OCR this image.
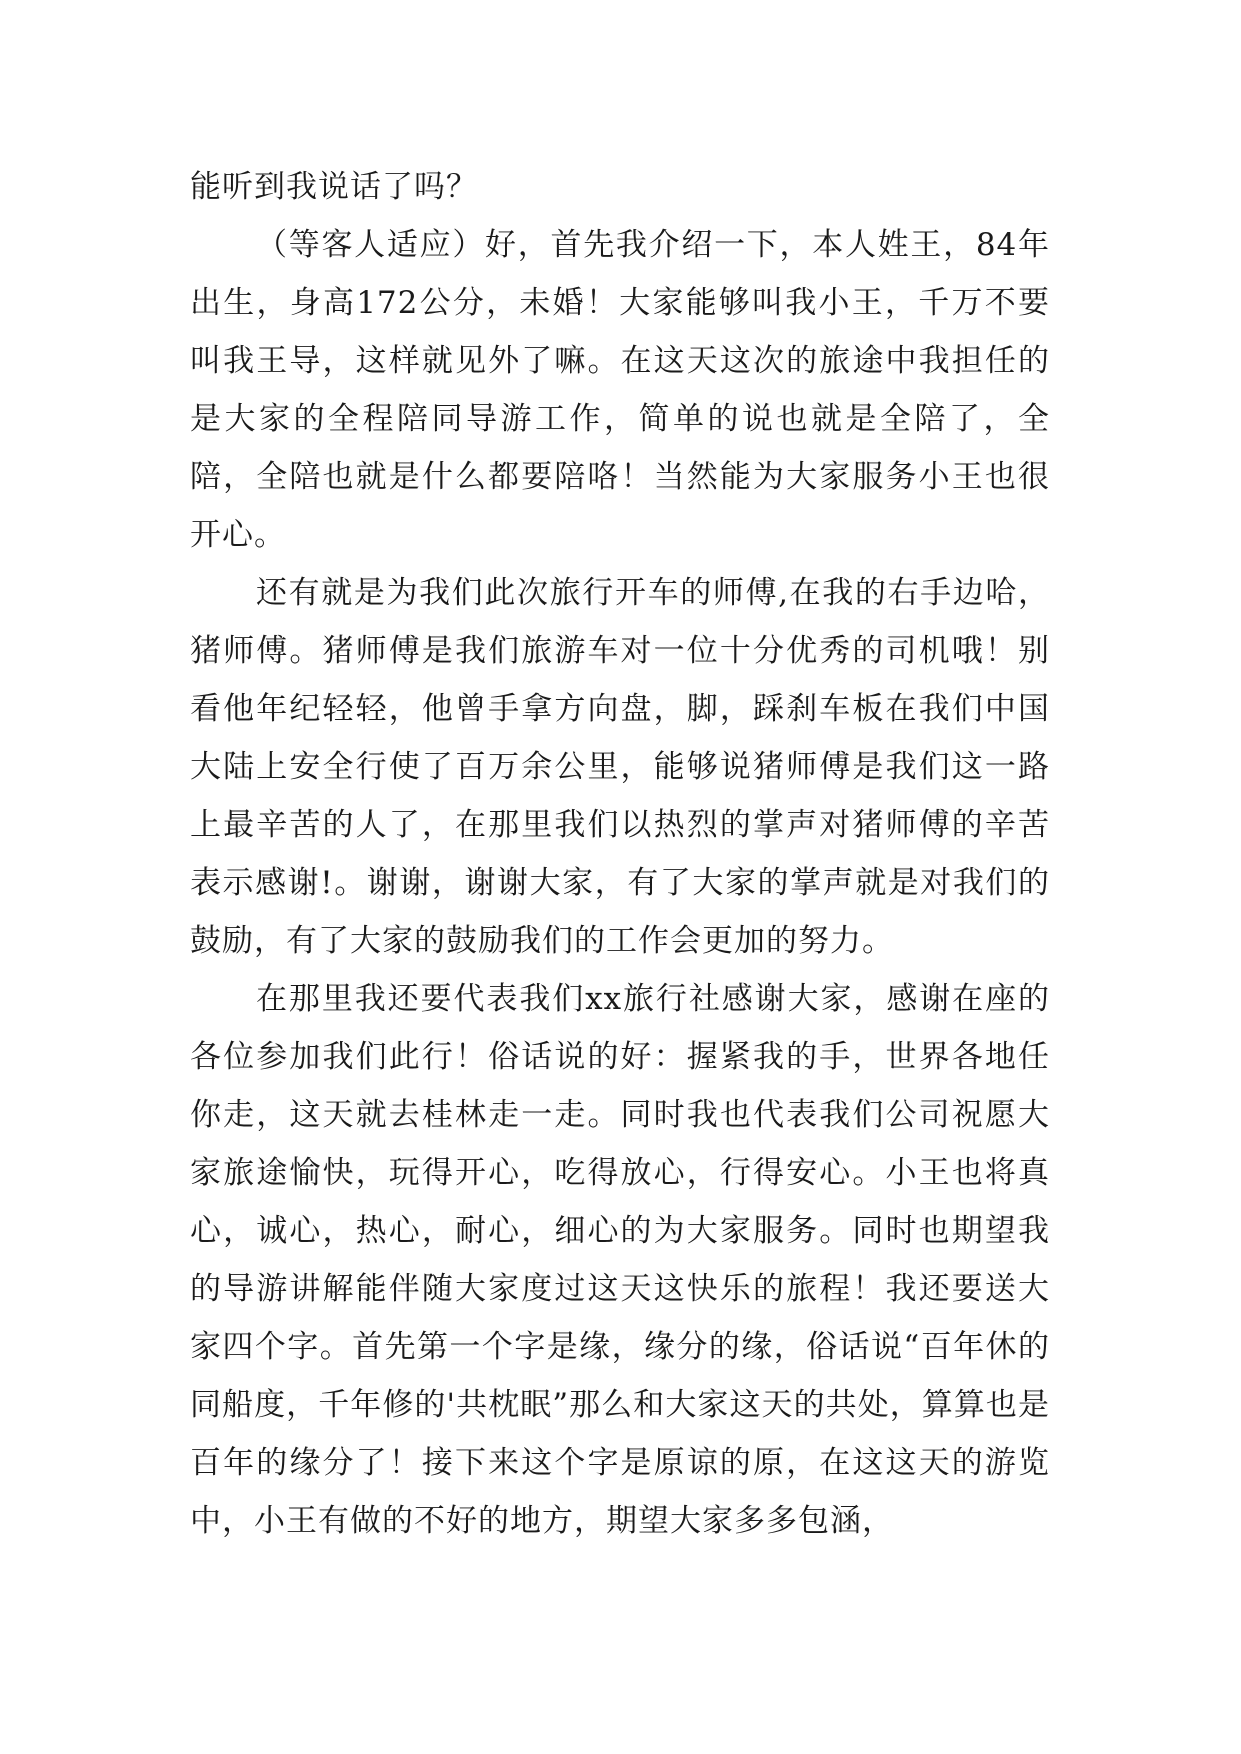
能听到我说话了吗？

（等客人适应）好，首先我介绍一下，本人姓王，84年出生，身高172公分，未婚！大家能够叫我小王，千万不要叫我王导，这样就见外了嘛。在这天这次的旅途中我担任的是大家的全程陪同导游工作，简单的说也就是全陪了，全陪，全陪也就是什么都要陪咯！当然能为大家服务小王也很开心。

还有就是为我们此次旅行开车的师傅,在我的右手边哈，猪师傅。猪师傅是我们旅游车对一位十分优秀的司机哦！别看他年纪轻轻，他曾手拿方向盘，脚，踩刹车板在我们中国大陆上安全行使了百万余公里，能够说猪师傅是我们这一路上最辛苦的人了，在那里我们以热烈的掌声对猪师傅的辛苦表示感谢!。谢谢，谢谢大家，有了大家的掌声就是对我们的鼓励，有了大家的鼓励我们的工作会更加的努力。

在那里我还要代表我们xx旅行社感谢大家，感谢在座的各位参加我们此行！俗话说的好：握紧我的手，世界各地任你走，这天就去桂林走一走。同时我也代表我们公司祝愿大家旅途愉快，玩得开心，吃得放心，行得安心。小王也将真心，诚心，热心，耐心，细心的为大家服务。同时也期望我的导游讲解能伴随大家度过这天这快乐的旅程！我还要送大家四个字。首先第一个字是缘，缘分的缘，俗话说“百年休的同船度，千年修的'共枕眠”那么和大家这天的共处，算算也是百年的缘分了！接下来这个字是原谅的原，在这这天的游览中，小王有做的不好的地方，期望大家多多包涵，
